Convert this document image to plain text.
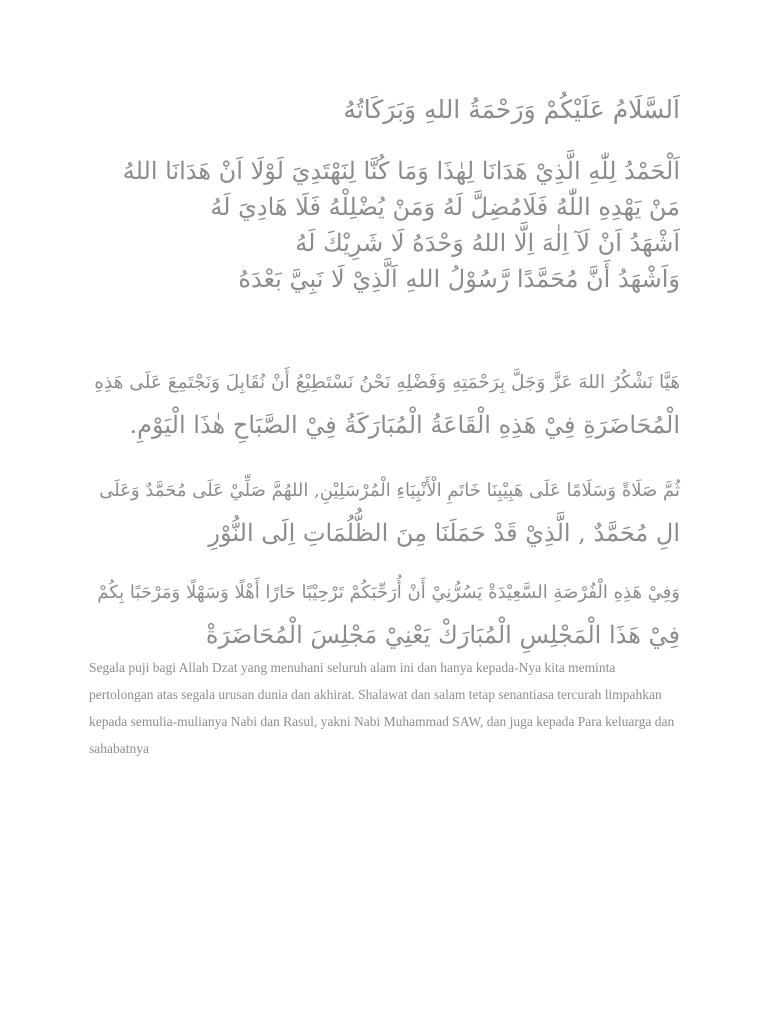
اَلسَّلَامُ عَلَيْكُمْ وَرَحْمَةُ اللهِ وَبَرَكَاتُهُ
اَلْحَمْدُ لِلّٰهِ الَّذِيْ هَدَانَا لِهٰذَا وَمَا كُنَّا لِنَهْتَدِيَ لَوْلَا اَنْ هَدَانَا اللهُ
مَنْ يَهْدِهِ اللّٰهُ فَلَامُضِلَّ لَهُ وَمَنْ يُضْلِلْهُ فَلَا هَادِيَ لَهُ
اَشْهَدُ اَنْ لَآ اِلٰهَ اِلَّا اللهُ وَحْدَهُ لَا شَرِيْكَ لَهُ
وَاَشْهَدُ أَنَّ مُحَمَّدًا رَّسُوْلُ اللهِ اَلَّذِيْ لَا نَبِيَّ بَعْدَهُ
هَيَّا نَشْكُرُ اللهَ عَزَّ وَجَلَّ بِرَحْمَتِهِ وَفَضْلِهِ نَحْنُ نَسْتَطِيْعُ أَنْ نُقَابِلَ وَنَجْتَمِعَ عَلَى هَذِهِ
الْمُحَاضَرَةِ فِيْ هَذِهِ الْقَاعَةُ الْمُبَارَكَةُ فِيْ الصَّبَاحِ هٰذَا الْيَوْمِ.
ثُمَّ صَلَاةً وَسَلَامًا عَلَى هَبِيْبِنَا خَاتَمِ الْأَنْبِيَاءِ الْمُرْسَلِيْنِ, اللهُمَّ صَلِّيْ عَلَى مُحَمَّدٌ وَعَلَى
الِ مُحَمَّدٌ , الَّذِيْ قَدْ حَمَلَنَا مِنَ الظُّلُمَاتِ اِلَى النُّوْرِ
وَفِيْ هَذِهِ الْفُرْصَةِ السَّعِيْدَةْ يَسُرُّنِيْ أَنْ أُرَحِّبَكُمْ تَرْحِيْبًا حَارًا أَهْلًا وَسَهْلًا وَمَرْحَبًا بِكُمْ
فِيْ هَذَا الْمَجْلِسِ الْمُبَارَكْ يَعْنِيْ مَجْلِسَ الْمُحَاضَرَةْ
Segala puji bagi Allah Dzat yang menuhani seluruh alam ini dan hanya kepada-Nya kita meminta pertolongan atas segala urusan dunia dan akhirat. Shalawat dan salam tetap senantiasa tercurah limpahkan kepada semulia-mulianya Nabi dan Rasul, yakni Nabi Muhammad SAW, dan juga kepada Para keluarga dan sahabatnya
